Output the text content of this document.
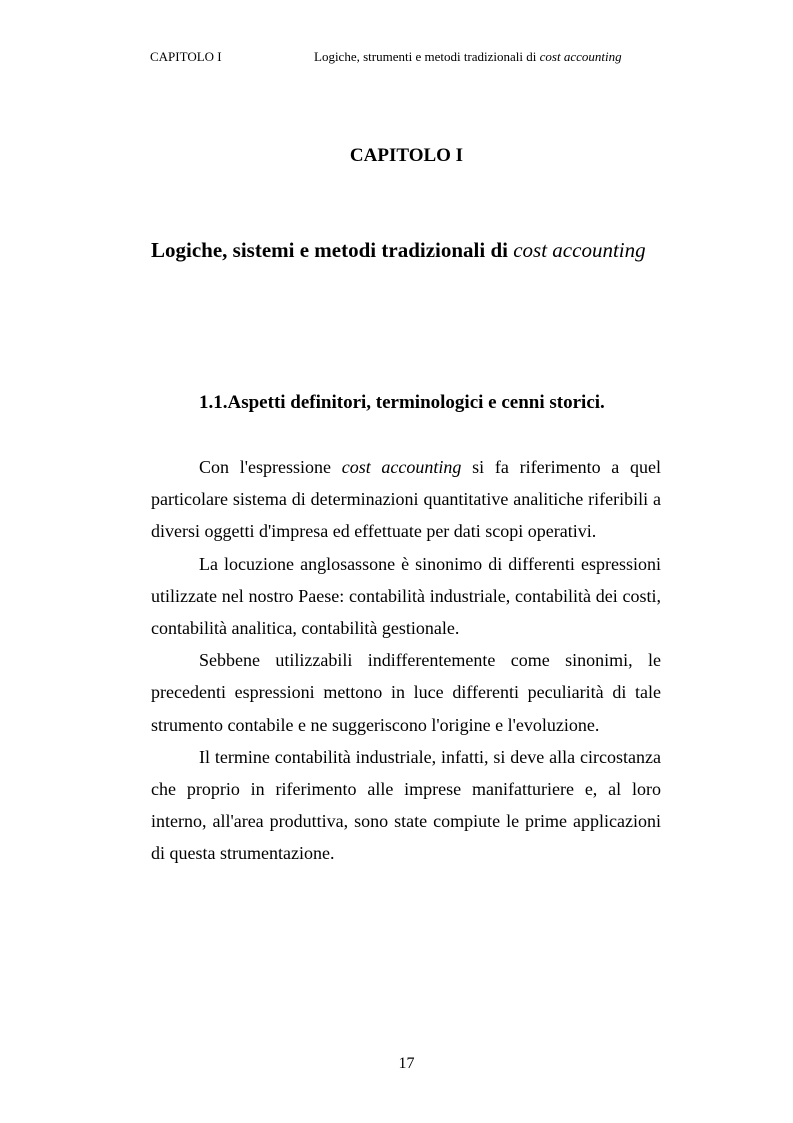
CAPITOLO I	Logiche, strumenti e metodi tradizionali di cost accounting
CAPITOLO I
Logiche, sistemi e metodi tradizionali di cost accounting
1.1.Aspetti definitori, terminologici e cenni storici.

Con l'espressione cost accounting si fa riferimento a quel particolare sistema di determinazioni quantitative analitiche riferibili a diversi oggetti d'impresa ed effettuate per dati scopi operativi.

La locuzione anglosassone è sinonimo di differenti espressioni utilizzate nel nostro Paese: contabilità industriale, contabilità dei costi, contabilità analitica, contabilità gestionale.

Sebbene utilizzabili indifferentemente come sinonimi, le precedenti espressioni mettono in luce differenti peculiarità di tale strumento contabile e ne suggeriscono l'origine e l'evoluzione.

Il termine contabilità industriale, infatti, si deve alla circostanza che proprio in riferimento alle imprese manifatturiere e, al loro interno, all'area produttiva, sono state compiute le prime applicazioni di questa strumentazione.

17
